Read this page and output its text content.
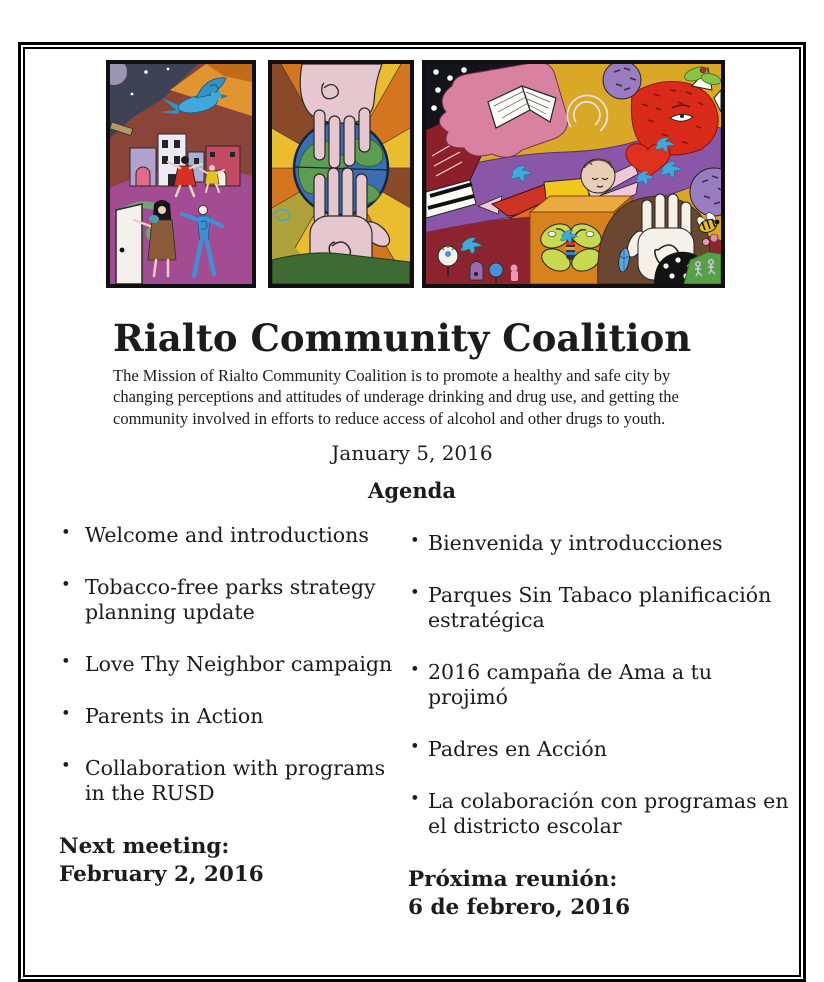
Rialto Community Coalition

The Mission of Rialto Community Coalition is to promote a healthy and safe city by changing perceptions and attitudes of underage drinking and drug use, and getting the community involved in efforts to reduce access of alcohol and other drugs to youth.

January 5, 2016
Agenda
• Welcome and introductions
• Tobacco-free parks strategy planning update
• Love Thy Neighbor campaign
• Parents in Action
• Collaboration with programs in the RUSD
Next meeting:
February 2, 2016
• Bienvenida y introducciones
• Parques Sin Tabaco planificación estratégica
• 2016 campaña de Ama a tu projimó
• Padres en Acción
• La colaboración con programas en el districto escolar
Próxima reunión:
6 de febrero, 2016
